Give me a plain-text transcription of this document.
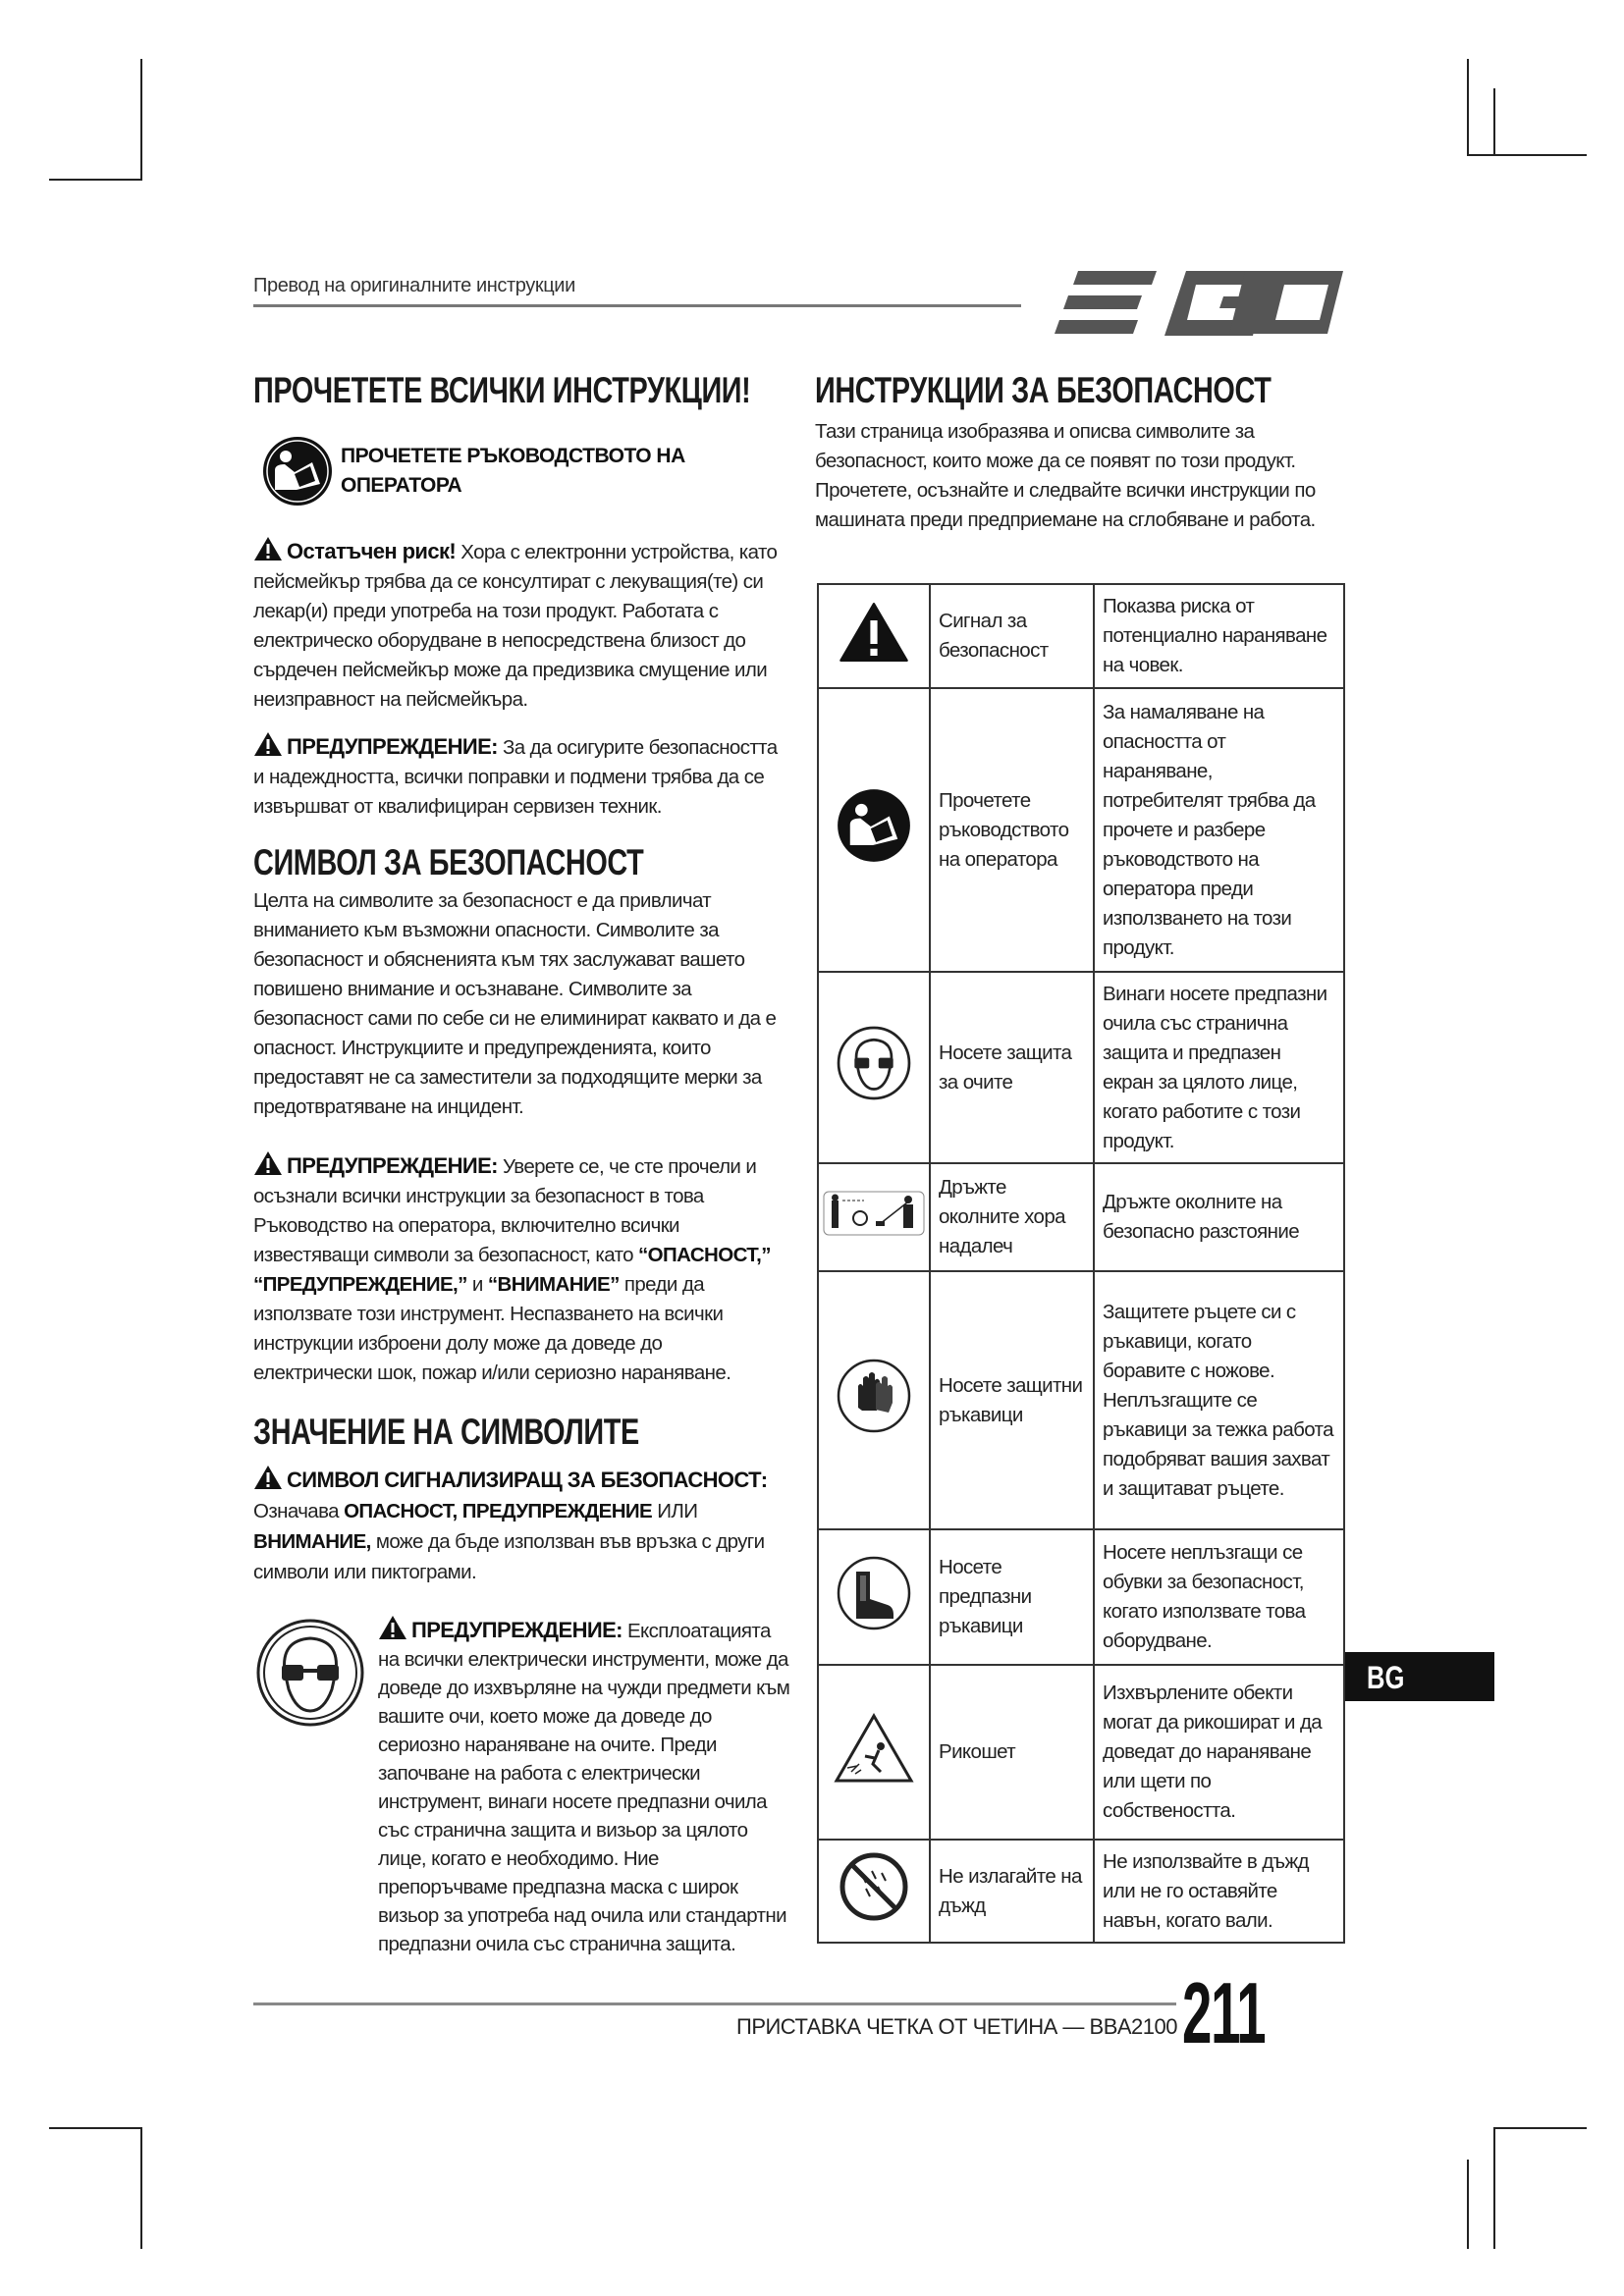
Превод на оригиналните инструкции
ПРОЧЕТЕТЕ ВСИЧКИ ИНСТРУКЦИИ!
ПРОЧЕТЕТЕ РЪКОВОДСТВОТО НА ОПЕРАТОРА
Остатъчен риск! Хора с електронни устройства, като пейсмейкър трябва да се консултират с лекуващия(те) си лекар(и) преди употреба на този продукт. Работата с електрическо оборудване в непосредствена близост до сърдечен пейсмейкър може да предизвика смущение или неизправност на пейсмейкъра.
ПРЕДУПРЕЖДЕНИЕ: За да осигурите безопасността и надеждността, всички поправки и подмени трябва да се извършват от квалифициран сервизен техник.
СИМВОЛ ЗА БЕЗОПАСНОСТ
Целта на символите за безопасност е да привличат вниманието към възможни опасности. Символите за безопасност и обясненията към тях заслужават вашето повишено внимание и осъзнаване. Символите за безопасност сами по себе си не елиминират каквато и да е опасност. Инструкциите и предупрежденията, които предоставят не са заместители за подходящите мерки за предотвратяване на инцидент.
ПРЕДУПРЕЖДЕНИЕ: Уверете се, че сте прочели и осъзнали всички инструкции за безопасност в това Ръководство на оператора, включително всички известяващи символи за безопасност, като “ОПАСНОСТ,” “ПРЕДУПРЕЖДЕНИЕ,” и “ВНИМАНИЕ” преди да използвате този инструмент. Неспазването на всички инструкции изброени долу може да доведе до електрически шок, пожар и/или сериозно нараняване.
ЗНАЧЕНИЕ НА СИМВОЛИТЕ
СИМВОЛ СИГНАЛИЗИРАЩ ЗА БЕЗОПАСНОСТ: Означава ОПАСНОСТ, ПРЕДУПРЕЖДЕНИЕ ИЛИ ВНИМАНИЕ, може да бъде използван във връзка с други символи или пиктограми.
ПРЕДУПРЕЖДЕНИЕ: Експлоатацията на всички електрически инструменти, може да доведе до изхвърляне на чужди предмети към вашите очи, което може да доведе до сериозно нараняване на очите. Преди започване на работа с електрически инструмент, винаги носете предпазни очила със странична защита и визьор за цялото лице, когато е необходимо. Ние препоръчваме предпазна маска с широк визьор за употреба над очила или стандартни предпазни очила със странична защита.
ИНСТРУКЦИИ ЗА БЕЗОПАСНОСТ
Тази страница изобразява и описва символите за безопасност, които може да се появят по този продукт. Прочетете, осъзнайте и следвайте всички инструкции по машината преди предприемане на сглобяване и работа.
	Сигнал за безопасност	Показва риска от потенциално нараняване на човек.
	Прочетете ръководството на оператора	За намаляване на опасността от нараняване, потребителят трябва да прочете и разбере ръководството на оператора преди използването на този продукт.
	Носете защита за очите	Винаги носете предпазни очила със странична защита и предпазен екран за цялото лице, когато работите с този продукт.
	Дръжте околните хора надалеч	Дръжте околните на безопасно разстояние
	Носете защитни ръкавици	Защитете ръцете си с ръкавици, когато боравите с ножове. Неплъзгащите се ръкавици за тежка работа подобряват вашия захват и защитават ръцете.
	Носете предпазни ръкавици	Носете неплъзгащи се обувки за безопасност, когато използвате това оборудване.
	Рикошет	Изхвърлените обекти могат да рикошират и да доведат до нараняване или щети по собствеността.
	Не излагайте на дъжд	Не използвайте в дъжд или не го оставяйте навън, когато вали.
BG
ПРИСТАВКА ЧЕТКА ОТ ЧЕТИНА — BBA2100 211
